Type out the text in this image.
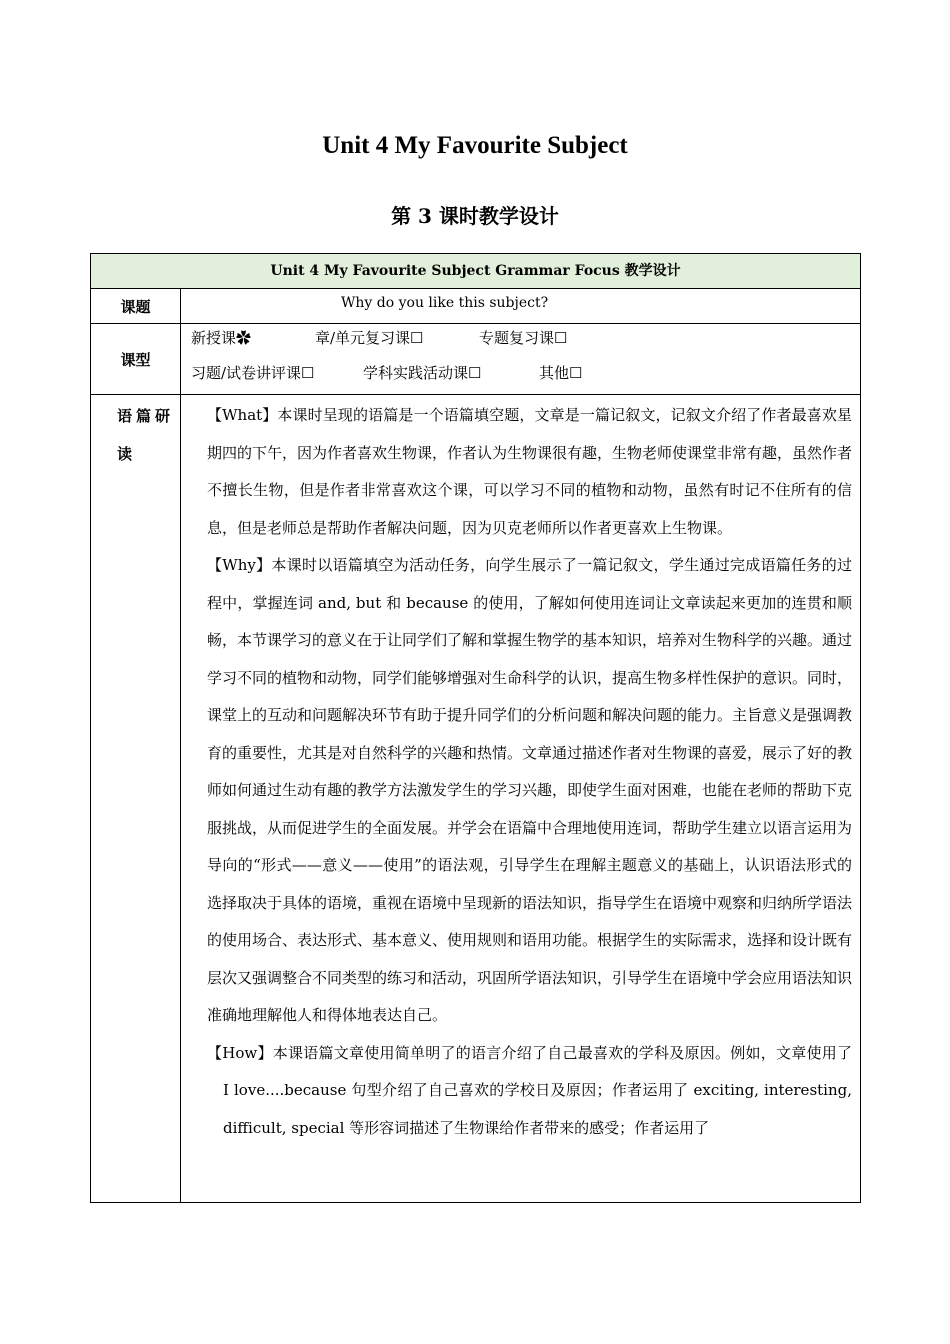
Unit 4 My Favourite Subject
第 3 课时教学设计
Unit 4 My Favourite Subject Grammar Focus 教学设计	
课题	Why do you like this subject?
课型	新授课✿ 章/单元复习课☐ 专题复习课☐
习题/试卷讲评课☐ 学科实践活动课☐ 其他☐

语篇研读	【What】本课时呈现的语篇是一个语篇填空题，文章是一篇记叙文，记叙文介绍了作者最喜欢星期四的下午，因为作者喜欢生物课，作者认为生物课很有趣，生物老师使课堂非常有趣，虽然作者不擅长生物，但是作者非常喜欢这个课，可以学习不同的植物和动物，虽然有时记不住所有的信息，但是老师总是帮助作者解决问题，因为贝克老师所以作者更喜欢上生物课。

【Why】本课时以语篇填空为活动任务，向学生展示了一篇记叙文，学生通过完成语篇任务的过程中，掌握连词 and, but 和 because 的使用，了解如何使用连词让文章读起来更加的连贯和顺畅，本节课学习的意义在于让同学们了解和掌握生物学的基本知识，培养对生物科学的兴趣。通过学习不同的植物和动物，同学们能够增强对生命科学的认识，提高生物多样性保护的意识。同时，课堂上的互动和问题解决环节有助于提升同学们的分析问题和解决问题的能力。主旨意义是强调教育的重要性，尤其是对自然科学的兴趣和热情。文章通过描述作者对生物课的喜爱，展示了好的教师如何通过生动有趣的教学方法激发学生的学习兴趣，即使学生面对困难，也能在老师的帮助下克服挑战，从而促进学生的全面发展。并学会在语篇中合理地使用连词，帮助学生建立以语言运用为导向的“形式——意义——使用”的语法观，引导学生在理解主题意义的基础上，认识语法形式的选择取决于具体的语境，重视在语境中呈现新的语法知识，指导学生在语境中观察和归纳所学语法的使用场合、表达形式、基本意义、使用规则和语用功能。根据学生的实际需求，选择和设计既有层次又强调整合不同类型的练习和活动，巩固所学语法知识，引导学生在语境中学会应用语法知识准确地理解他人和得体地表达自己。

【How】本课语篇文章使用简单明了的语言介绍了自己最喜欢的学科及原因。例如，文章使用了 I love....because 句型介绍了自己喜欢的学校日及原因；作者运用了 exciting, interesting, difficult, special 等形容词描述了生物课给作者带来的感受；作者运用了
